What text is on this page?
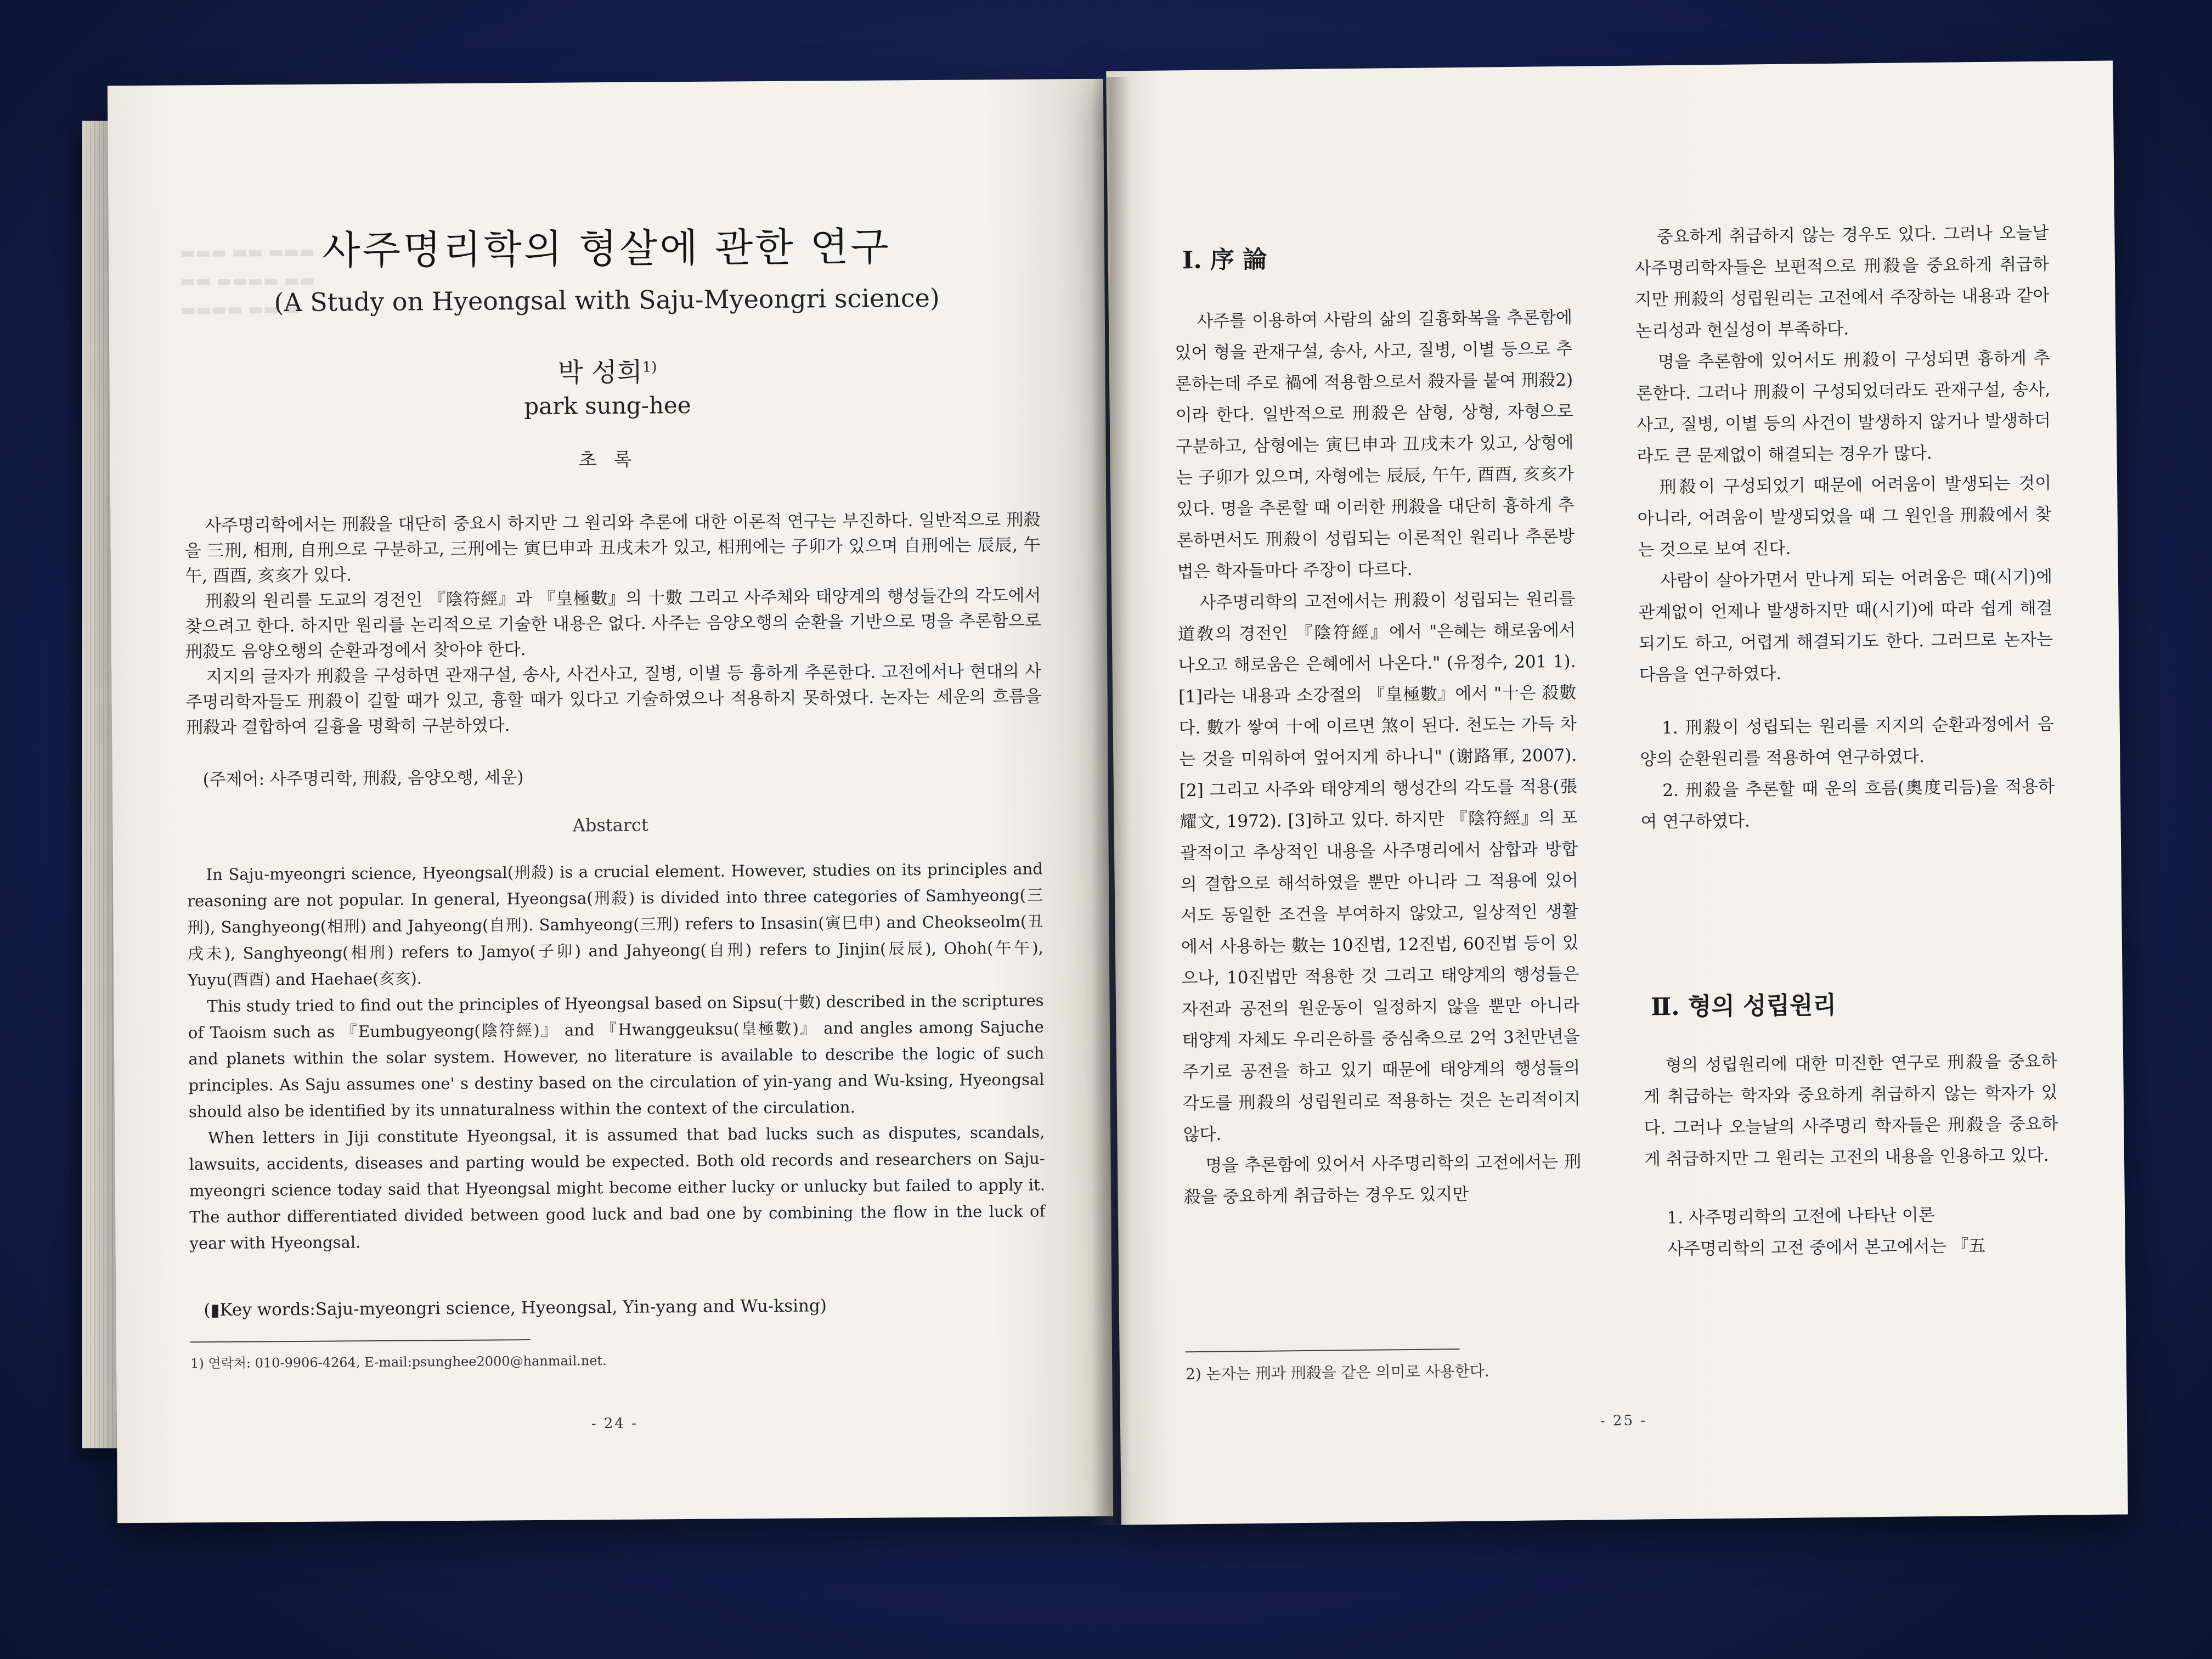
▬▬▬ ▬▬ ▬▬▬
▬▬ ▬▬▬▬ ▬▬
▬▬▬▬ ▬▬ ▬
사주명리학의 형살에 관한 연구
(A Study on Hyeongsal with Saju-Myeongri science)
박 성희$^{1)}$
park sung-hee
초 록

사주명리학에서는 刑殺을 대단히 중요시 하지만 그 원리와 추론에 대한 이론적 연구는 부진하다. 일반적으로 刑殺을 三刑, 相刑, 自刑으로 구분하고, 三刑에는 寅巳申과 丑戌未가 있고, 相刑에는 子卯가 있으며 自刑에는 辰辰, 午午, 酉酉, 亥亥가 있다.

刑殺의 원리를 도교의 경전인 『陰符經』과 『皇極數』의 十數 그리고 사주체와 태양계의 행성들간의 각도에서 찾으려고 한다. 하지만 원리를 논리적으로 기술한 내용은 없다. 사주는 음양오행의 순환을 기반으로 명을 추론함으로 刑殺도 음양오행의 순환과정에서 찾아야 한다.

지지의 글자가 刑殺을 구성하면 관재구설, 송사, 사건사고, 질병, 이별 등 흉하게 추론한다. 고전에서나 현대의 사주명리학자들도 刑殺이 길할 때가 있고, 흉할 때가 있다고 기술하였으나 적용하지 못하였다. 논자는 세운의 흐름을 刑殺과 결합하여 길흉을 명확히 구분하였다.

(주제어: 사주명리학, 刑殺, 음양오행, 세운)
Abstarct

In Saju-myeongri science, Hyeongsal(刑殺) is a crucial element. However, studies on its principles and reasoning are not popular. In general, Hyeongsa(刑殺) is divided into three categories of Samhyeong(三刑), Sanghyeong(相刑) and Jahyeong(自刑). Samhyeong(三刑) refers to Insasin(寅巳申) and Cheokseolm(丑戌未), Sanghyeong(相刑) refers to Jamyo(子卯) and Jahyeong(自刑) refers to Jinjin(辰辰), Ohoh(午午), Yuyu(酉酉) and Haehae(亥亥).

This study tried to find out the principles of Hyeongsal based on Sipsu(十數) described in the scriptures of Taoism such as 『Eumbugyeong(陰符經)』 and 『Hwanggeuksu(皇極數)』 and angles among Sajuche and planets within the solar system. However, no literature is available to describe the logic of such principles. As Saju assumes one' s destiny based on the circulation of yin-yang and Wu-ksing, Hyeongsal should also be identified by its unnaturalness within the context of the circulation.

When letters in Jiji constitute Hyeongsal, it is assumed that bad lucks such as disputes, scandals, lawsuits, accidents, diseases and parting would be expected. Both old records and researchers on Saju-myeongri science today said that Hyeongsal might become either lucky or unlucky but failed to apply it. The author differentiated divided between good luck and bad one by combining the flow in the luck of year with Hyeongsal.

(▮Key words:Saju-myeongri science, Hyeongsal, Yin-yang and Wu-ksing)
1) 연락처: 010-9906-4264, E-mail:psunghee2000@hanmail.net.
- 24 -
Ⅰ. 序 論

사주를 이용하여 사람의 삶의 길흉화복을 추론함에 있어 형을 관재구설, 송사, 사고, 질병, 이별 등으로 추론하는데 주로 禍에 적용함으로서 殺자를 붙여 刑殺2)이라 한다. 일반적으로 刑殺은 삼형, 상형, 자형으로 구분하고, 삼형에는 寅巳申과 丑戌未가 있고, 상형에는 子卯가 있으며, 자형에는 辰辰, 午午, 酉酉, 亥亥가 있다. 명을 추론할 때 이러한 刑殺을 대단히 흉하게 추론하면서도 刑殺이 성립되는 이론적인 원리나 추론방법은 학자들마다 주장이 다르다.

사주명리학의 고전에서는 刑殺이 성립되는 원리를 道敎의 경전인 『陰符經』에서 "은혜는 해로움에서 나오고 해로움은 은혜에서 나온다." (유정수, 201 1). [1]라는 내용과 소강절의 『皇極數』에서 "十은 殺數다. 數가 쌓여 十에 이르면 煞이 된다. 천도는 가득 차는 것을 미워하여 엎어지게 하나니" (谢路軍, 2007). [2] 그리고 사주와 태양계의 행성간의 각도를 적용(張耀文, 1972). [3]하고 있다. 하지만 『陰符經』의 포괄적이고 추상적인 내용을 사주명리에서 삼합과 방합의 결합으로 해석하였을 뿐만 아니라 그 적용에 있어서도 동일한 조건을 부여하지 않았고, 일상적인 생활에서 사용하는 數는 10진법, 12진법, 60진법 등이 있으나, 10진법만 적용한 것 그리고 태양계의 행성들은 자전과 공전의 원운동이 일정하지 않을 뿐만 아니라 태양계 자체도 우리은하를 중심축으로 2억 3천만년을 주기로 공전을 하고 있기 때문에 태양계의 행성들의 각도를 刑殺의 성립원리로 적용하는 것은 논리적이지 않다.

명을 추론함에 있어서 사주명리학의 고전에서는 刑殺을 중요하게 취급하는 경우도 있지만

2) 논자는 刑과 刑殺을 같은 의미로 사용한다.

중요하게 취급하지 않는 경우도 있다. 그러나 오늘날 사주명리학자들은 보편적으로 刑殺을 중요하게 취급하지만 刑殺의 성립원리는 고전에서 주장하는 내용과 같아 논리성과 현실성이 부족하다.

명을 추론함에 있어서도 刑殺이 구성되면 흉하게 추론한다. 그러나 刑殺이 구성되었더라도 관재구설, 송사, 사고, 질병, 이별 등의 사건이 발생하지 않거나 발생하더라도 큰 문제없이 해결되는 경우가 많다.

刑殺이 구성되었기 때문에 어려움이 발생되는 것이 아니라, 어려움이 발생되었을 때 그 원인을 刑殺에서 찾는 것으로 보여 진다.

사람이 살아가면서 만나게 되는 어려움은 때(시기)에 관계없이 언제나 발생하지만 때(시기)에 따라 쉽게 해결되기도 하고, 어렵게 해결되기도 한다. 그러므로 논자는 다음을 연구하였다.

1. 刑殺이 성립되는 원리를 지지의 순환과정에서 음양의 순환원리를 적용하여 연구하였다.

2. 刑殺을 추론할 때 운의 흐름(奧度리듬)을 적용하여 연구하였다.

Ⅱ. 형의 성립원리

형의 성립원리에 대한 미진한 연구로 刑殺을 중요하게 취급하는 학자와 중요하게 취급하지 않는 학자가 있다. 그러나 오늘날의 사주명리 학자들은 刑殺을 중요하게 취급하지만 그 원리는 고전의 내용을 인용하고 있다.

1. 사주명리학의 고전에 나타난 이론

사주명리학의 고전 중에서 본고에서는 『五

- 25 -
